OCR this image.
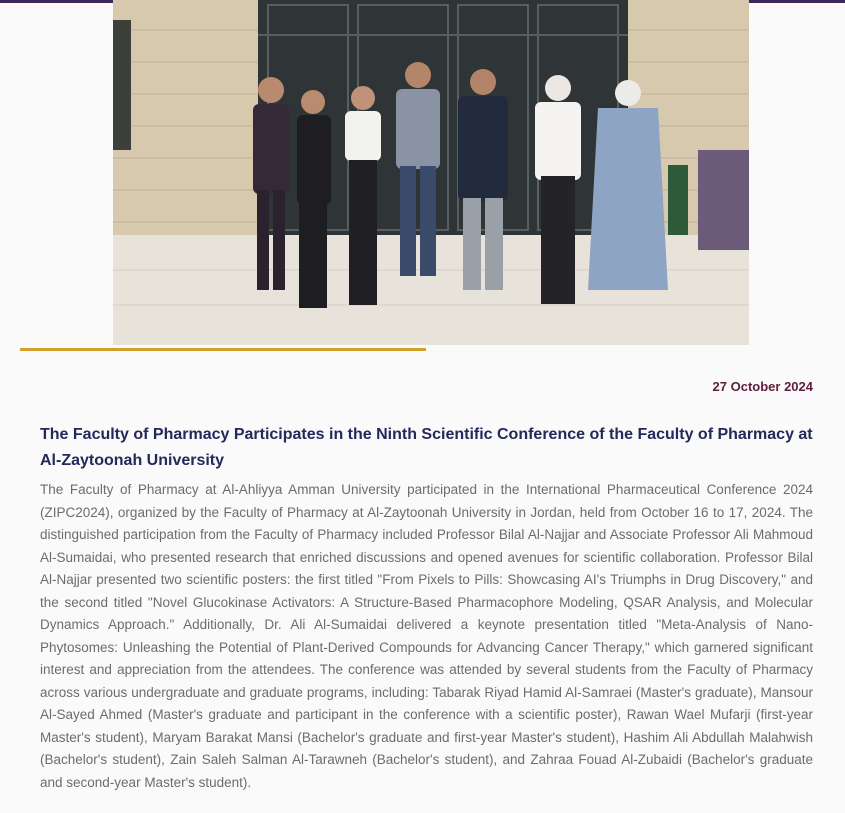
27 October 2024
The Faculty of Pharmacy Participates in the Ninth Scientific Conference of the Faculty of Pharmacy at Al-Zaytoonah University

The Faculty of Pharmacy at Al-Ahliyya Amman University participated in the International Pharmaceutical Conference 2024 (ZIPC2024), organized by the Faculty of Pharmacy at Al-Zaytoonah University in Jordan, held from October 16 to 17, 2024. The distinguished participation from the Faculty of Pharmacy included Professor Bilal Al-Najjar and Associate Professor Ali Mahmoud Al-Sumaidai, who presented research that enriched discussions and opened avenues for scientific collaboration. Professor Bilal Al-Najjar presented two scientific posters: the first titled "From Pixels to Pills: Showcasing AI's Triumphs in Drug Discovery," and the second titled "Novel Glucokinase Activators: A Structure-Based Pharmacophore Modeling, QSAR Analysis, and Molecular Dynamics Approach." Additionally, Dr. Ali Al-Sumaidai delivered a keynote presentation titled "Meta-Analysis of Nano-Phytosomes: Unleashing the Potential of Plant-Derived Compounds for Advancing Cancer Therapy," which garnered significant interest and appreciation from the attendees. The conference was attended by several students from the Faculty of Pharmacy across various undergraduate and graduate programs, including: Tabarak Riyad Hamid Al-Samraei (Master's graduate), Mansour Al-Sayed Ahmed (Master's graduate and participant in the conference with a scientific poster), Rawan Wael Mufarji (first-year Master's student), Maryam Barakat Mansi (Bachelor's graduate and first-year Master's student), Hashim Ali Abdullah Malahwish (Bachelor's student), Zain Saleh Salman Al-Tarawneh (Bachelor's student), and Zahraa Fouad Al-Zubaidi (Bachelor's graduate and second-year Master's student).
